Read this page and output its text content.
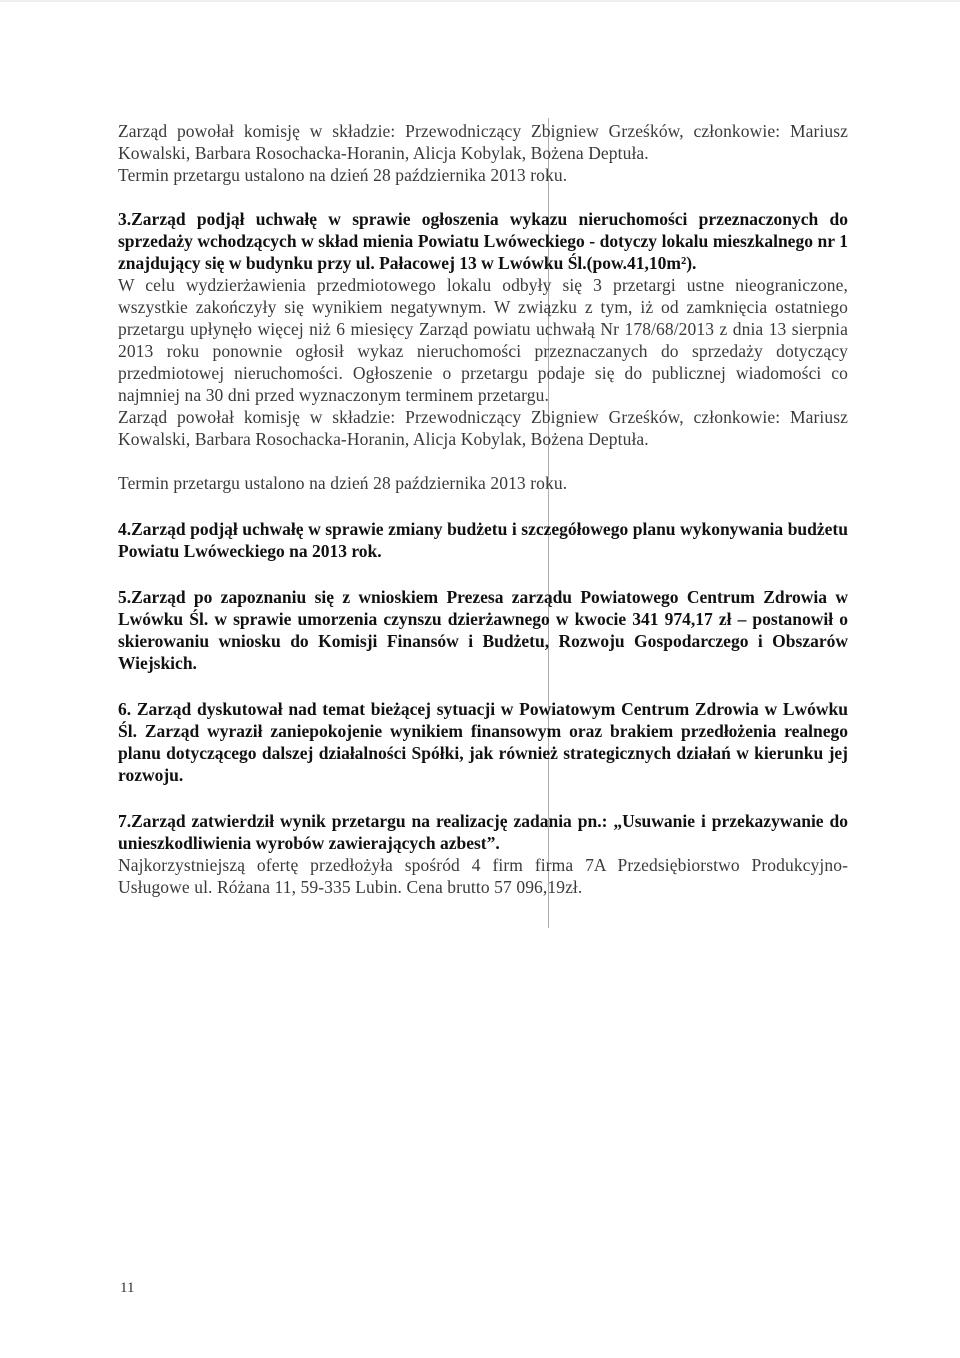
Zarząd powołał komisję w składzie: Przewodniczący Zbigniew Grześków, członkowie: Mariusz Kowalski, Barbara Rosochacka-Horanin, Alicja Kobylak, Bożena Deptuła.

Termin przetargu ustalono na dzień 28 października 2013 roku.

3.Zarząd podjął uchwałę w sprawie ogłoszenia wykazu nieruchomości przeznaczonych do sprzedaży wchodzących w skład mienia Powiatu Lwóweckiego - dotyczy lokalu mieszkalnego nr 1 znajdujący się w budynku przy ul. Pałacowej 13 w Lwówku Śl.(pow.41,10m²).

W celu wydzierżawienia przedmiotowego lokalu odbyły się 3 przetargi ustne nieograniczone, wszystkie zakończyły się wynikiem negatywnym. W związku z tym, iż od zamknięcia ostatniego przetargu upłynęło więcej niż 6 miesięcy Zarząd powiatu uchwałą Nr 178/68/2013 z dnia 13 sierpnia 2013 roku ponownie ogłosił wykaz nieruchomości przeznaczanych do sprzedaży dotyczący przedmiotowej nieruchomości. Ogłoszenie o przetargu podaje się do publicznej wiadomości co najmniej na 30 dni przed wyznaczonym terminem przetargu.

Zarząd powołał komisję w składzie: Przewodniczący Zbigniew Grześków, członkowie: Mariusz Kowalski, Barbara Rosochacka-Horanin, Alicja Kobylak, Bożena Deptuła.

Termin przetargu ustalono na dzień 28 października 2013 roku.

4.Zarząd podjął uchwałę w sprawie zmiany budżetu i szczegółowego planu wykonywania budżetu Powiatu Lwóweckiego na 2013 rok.

5.Zarząd po zapoznaniu się z wnioskiem Prezesa zarządu Powiatowego Centrum Zdrowia w Lwówku Śl. w sprawie umorzenia czynszu dzierżawnego w kwocie 341 974,17 zł – postanowił o skierowaniu wniosku do Komisji Finansów i Budżetu, Rozwoju Gospodarczego i Obszarów Wiejskich.

6. Zarząd dyskutował nad temat bieżącej sytuacji w Powiatowym Centrum Zdrowia w Lwówku Śl. Zarząd wyraził zaniepokojenie wynikiem finansowym oraz brakiem przedłożenia realnego planu dotyczącego dalszej działalności Spółki, jak również strategicznych działań w kierunku jej rozwoju.

7.Zarząd zatwierdził wynik przetargu na realizację zadania pn.: „Usuwanie i przekazywanie do unieszkodliwienia wyrobów zawierających azbest”.

Najkorzystniejszą ofertę przedłożyła spośród 4 firm firma 7A Przedsiębiorstwo Produkcyjno-Usługowe ul. Różana 11, 59-335 Lubin. Cena brutto 57 096,19zł.

11
